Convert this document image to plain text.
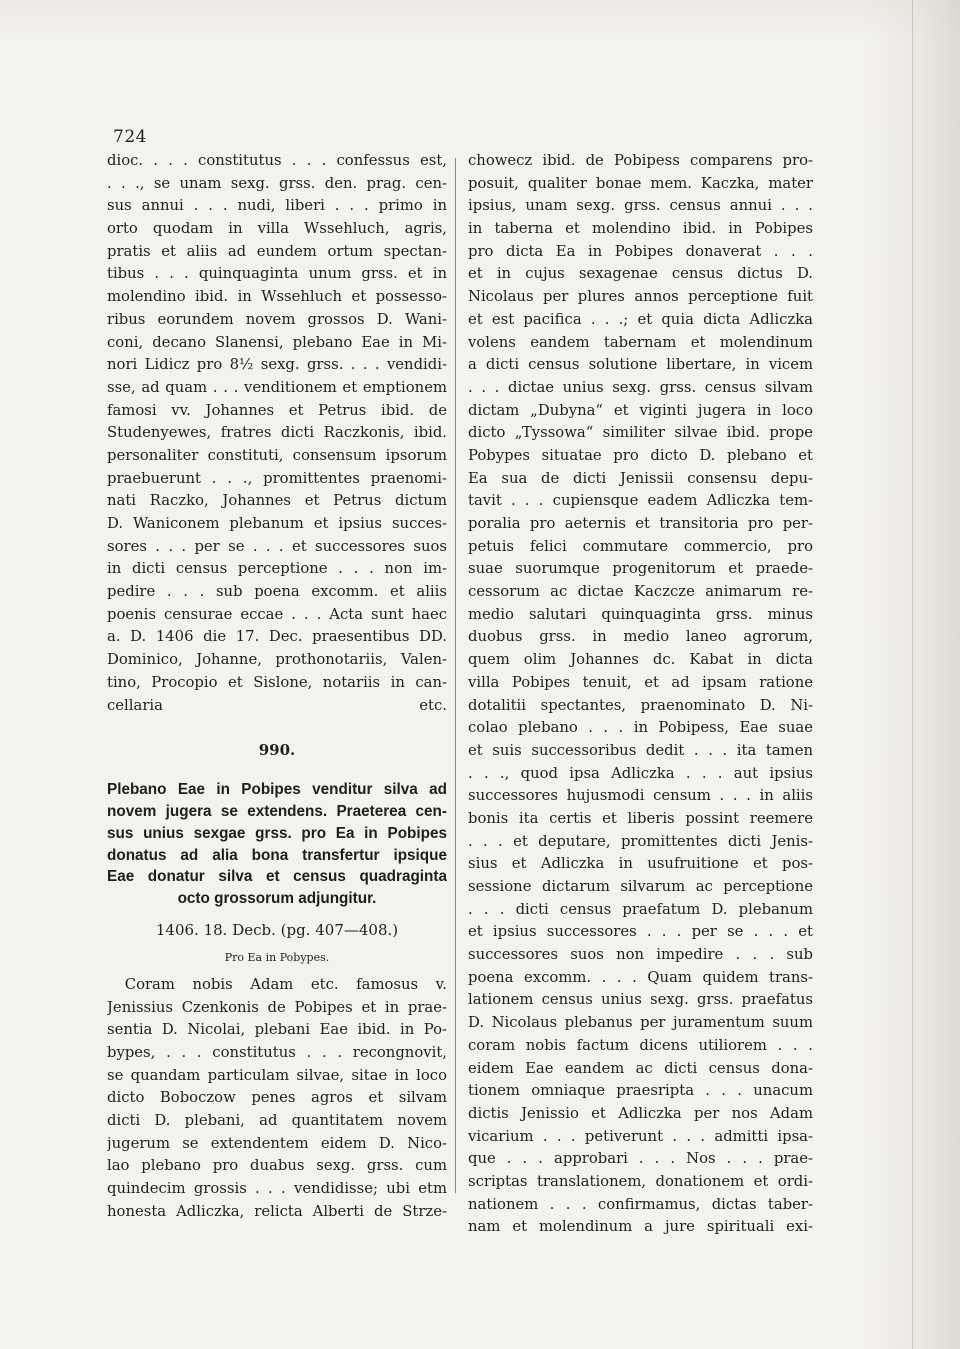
724
dioc. . . . constitutus . . . confessus est,
. . ., se unam sexg. grss. den. prag. cen-
sus annui . . . nudi, liberi . . . primo in
orto quodam in villa Wssehluch, agris,
pratis et aliis ad eundem ortum spectan-
tibus . . . quinquaginta unum grss. et in
molendino ibid. in Wssehluch et possesso-
ribus eorundem novem grossos D. Wani-
coni, decano Slanensi, plebano Eae in Mi-
nori Lidicz pro 8½ sexg. grss. . . . vendidi-
sse, ad quam . . . venditionem et emptionem
famosi vv. Johannes et Petrus ibid. de
Studenyewes, fratres dicti Raczkonis, ibid.
personaliter constituti, consensum ipsorum
praebuerunt . . ., promittentes praenomi-
nati Raczko, Johannes et Petrus dictum
D. Waniconem plebanum et ipsius succes-
sores . . . per se . . . et successores suos
in dicti census perceptione . . . non im-
pedire . . . sub poena excomm. et aliis
poenis censurae eccae . . . Acta sunt haec
a. D. 1406 die 17. Dec. praesentibus DD.
Dominico, Johanne, prothonotariis, Valen-
tino, Procopio et Sislone, notariis in can-
cellaria etc.
990.
Plebano Eae in Pobipes venditur silva ad
novem jugera se extendens. Praeterea cen-
sus unius sexgae grss. pro Ea in Pobipes
donatus ad alia bona transfertur ipsique
Eae donatur silva et census quadraginta
octo grossorum adjungitur.
1406. 18. Decb. (pg. 407—408.)
Pro Ea in Pobypes.
Coram nobis Adam etc. famosus v.
Jenissius Czenkonis de Pobipes et in prae-
sentia D. Nicolai, plebani Eae ibid. in Po-
bypes, . . . constitutus . . . recongnovit,
se quandam particulam silvae, sitae in loco
dicto Boboczow penes agros et silvam
dicti D. plebani, ad quantitatem novem
jugerum se extendentem eidem D. Nico-
lao plebano pro duabus sexg. grss. cum
quindecim grossis . . . vendidisse; ubi etm
honesta Adliczka, relicta Alberti de Strze-
chowecz ibid. de Pobipess comparens pro-
posuit, qualiter bonae mem. Kaczka, mater
ipsius, unam sexg. grss. census annui . . .
in taberna et molendino ibid. in Pobipes
pro dicta Ea in Pobipes donaverat . . .
et in cujus sexagenae census dictus D.
Nicolaus per plures annos perceptione fuit
et est pacifica . . .; et quia dicta Adliczka
volens eandem tabernam et molendinum
a dicti census solutione libertare, in vicem
. . . dictae unius sexg. grss. census silvam
dictam „Dubyna“ et viginti jugera in loco
dicto „Tyssowa“ similiter silvae ibid. prope
Pobypes situatae pro dicto D. plebano et
Ea sua de dicti Jenissii consensu depu-
tavit . . . cupiensque eadem Adliczka tem-
poralia pro aeternis et transitoria pro per-
petuis felici commutare commercio, pro
suae suorumque progenitorum et praede-
cessorum ac dictae Kaczcze animarum re-
medio salutari quinquaginta grss. minus
duobus grss. in medio laneo agrorum,
quem olim Johannes dc. Kabat in dicta
villa Pobipes tenuit, et ad ipsam ratione
dotalitii spectantes, praenominato D. Ni-
colao plebano . . . in Pobipess, Eae suae
et suis successoribus dedit . . . ita tamen
. . ., quod ipsa Adliczka . . . aut ipsius
successores hujusmodi censum . . . in aliis
bonis ita certis et liberis possint reemere
. . . et deputare, promittentes dicti Jenis-
sius et Adliczka in usufruitione et pos-
sessione dictarum silvarum ac perceptione
. . . dicti census praefatum D. plebanum
et ipsius successores . . . per se . . . et
successores suos non impedire . . . sub
poena excomm. . . . Quam quidem trans-
lationem census unius sexg. grss. praefatus
D. Nicolaus plebanus per juramentum suum
coram nobis factum dicens utiliorem . . .
eidem Eae eandem ac dicti census dona-
tionem omniaque praesripta . . . unacum
dictis Jenissio et Adliczka per nos Adam
vicarium . . . petiverunt . . . admitti ipsa-
que . . . approbari . . . Nos . . . prae-
scriptas translationem, donationem et ordi-
nationem . . . confirmamus, dictas taber-
nam et molendinum a jure spirituali exi-
